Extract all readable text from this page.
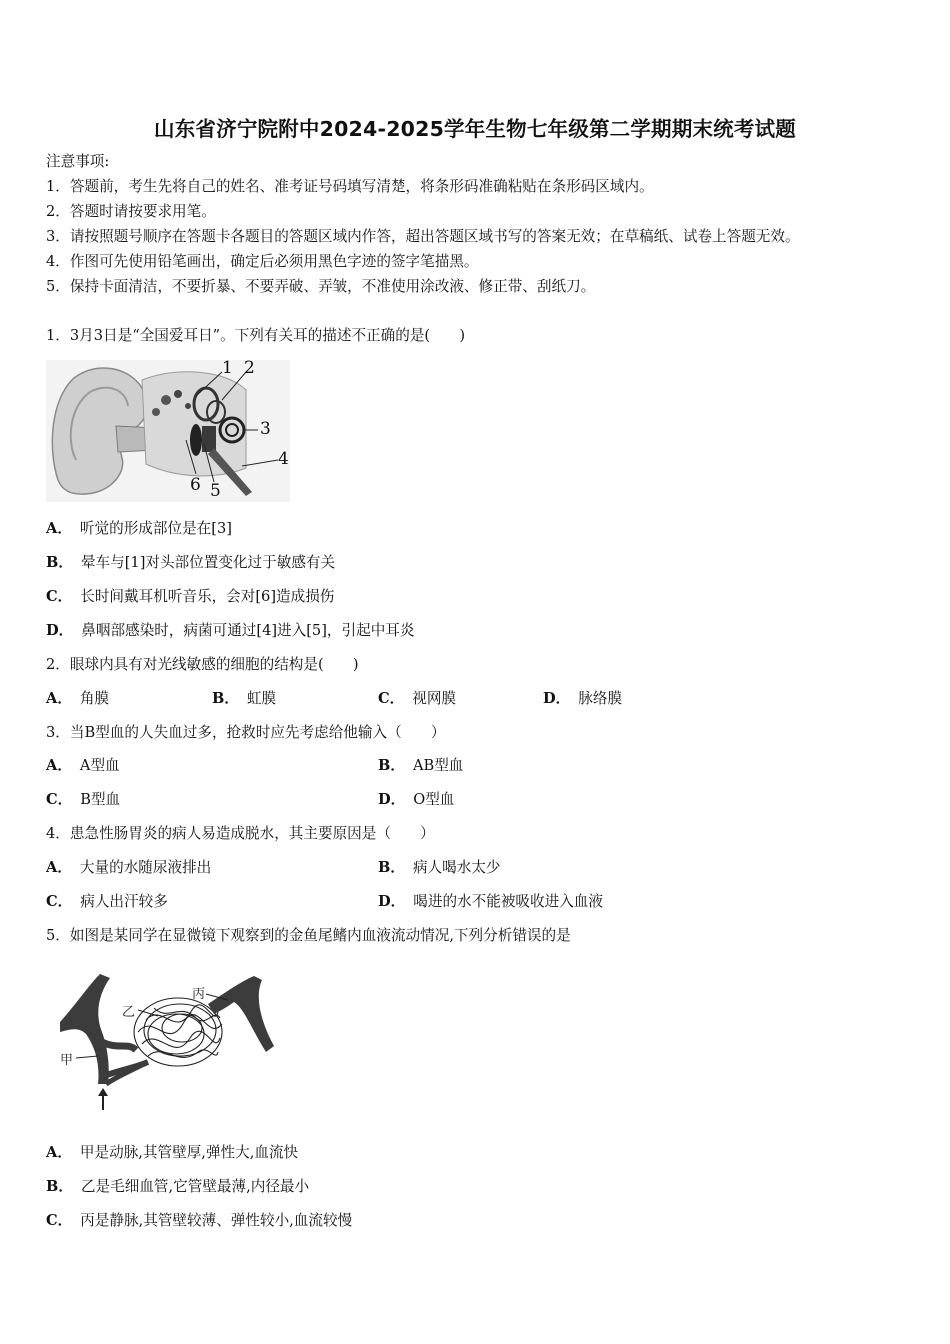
山东省济宁院附中2024-2025学年生物七年级第二学期期末统考试题
注意事项:
1．答题前，考生先将自己的姓名、准考证号码填写清楚，将条形码准确粘贴在条形码区域内。
2．答题时请按要求用笔。
3．请按照题号顺序在答题卡各题目的答题区域内作答，超出答题区域书写的答案无效；在草稿纸、试卷上答题无效。
4．作图可先使用铅笔画出，确定后必须用黑色字迹的签字笔描黑。
5．保持卡面清洁，不要折暴、不要弄破、弄皱，不准使用涂改液、修正带、刮纸刀。
1．3月3日是“全国爱耳日”。下列有关耳的描述不正确的是(　　)
1 2
3
4
5
6
A． 听觉的形成部位是在[3]
B． 晕车与[1]对头部位置变化过于敏感有关
C． 长时间戴耳机听音乐，会对[6]造成损伤
D． 鼻咽部感染时，病菌可通过[4]进入[5]，引起中耳炎
2．眼球内具有对光线敏感的细胞的结构是(　　)
A． 角膜	B． 虹膜	C． 视网膜	D． 脉络膜
3．当B型血的人失血过多，抢救时应先考虑给他输入（　　）
A． A型血	B． AB型血
C． B型血	D． O型血
4．患急性肠胃炎的病人易造成脱水，其主要原因是（　　）
A． 大量的水随尿液排出	B． 病人喝水太少
C． 病人出汗较多	D． 喝进的水不能被吸收进入血液
5．如图是某同学在显微镜下观察到的金鱼尾鳍内血液流动情况,下列分析错误的是
甲
乙
丙
A． 甲是动脉,其管壁厚,弹性大,血流快
B． 乙是毛细血管,它管壁最薄,内径最小
C． 丙是静脉,其管壁较薄、弹性较小,血流较慢
